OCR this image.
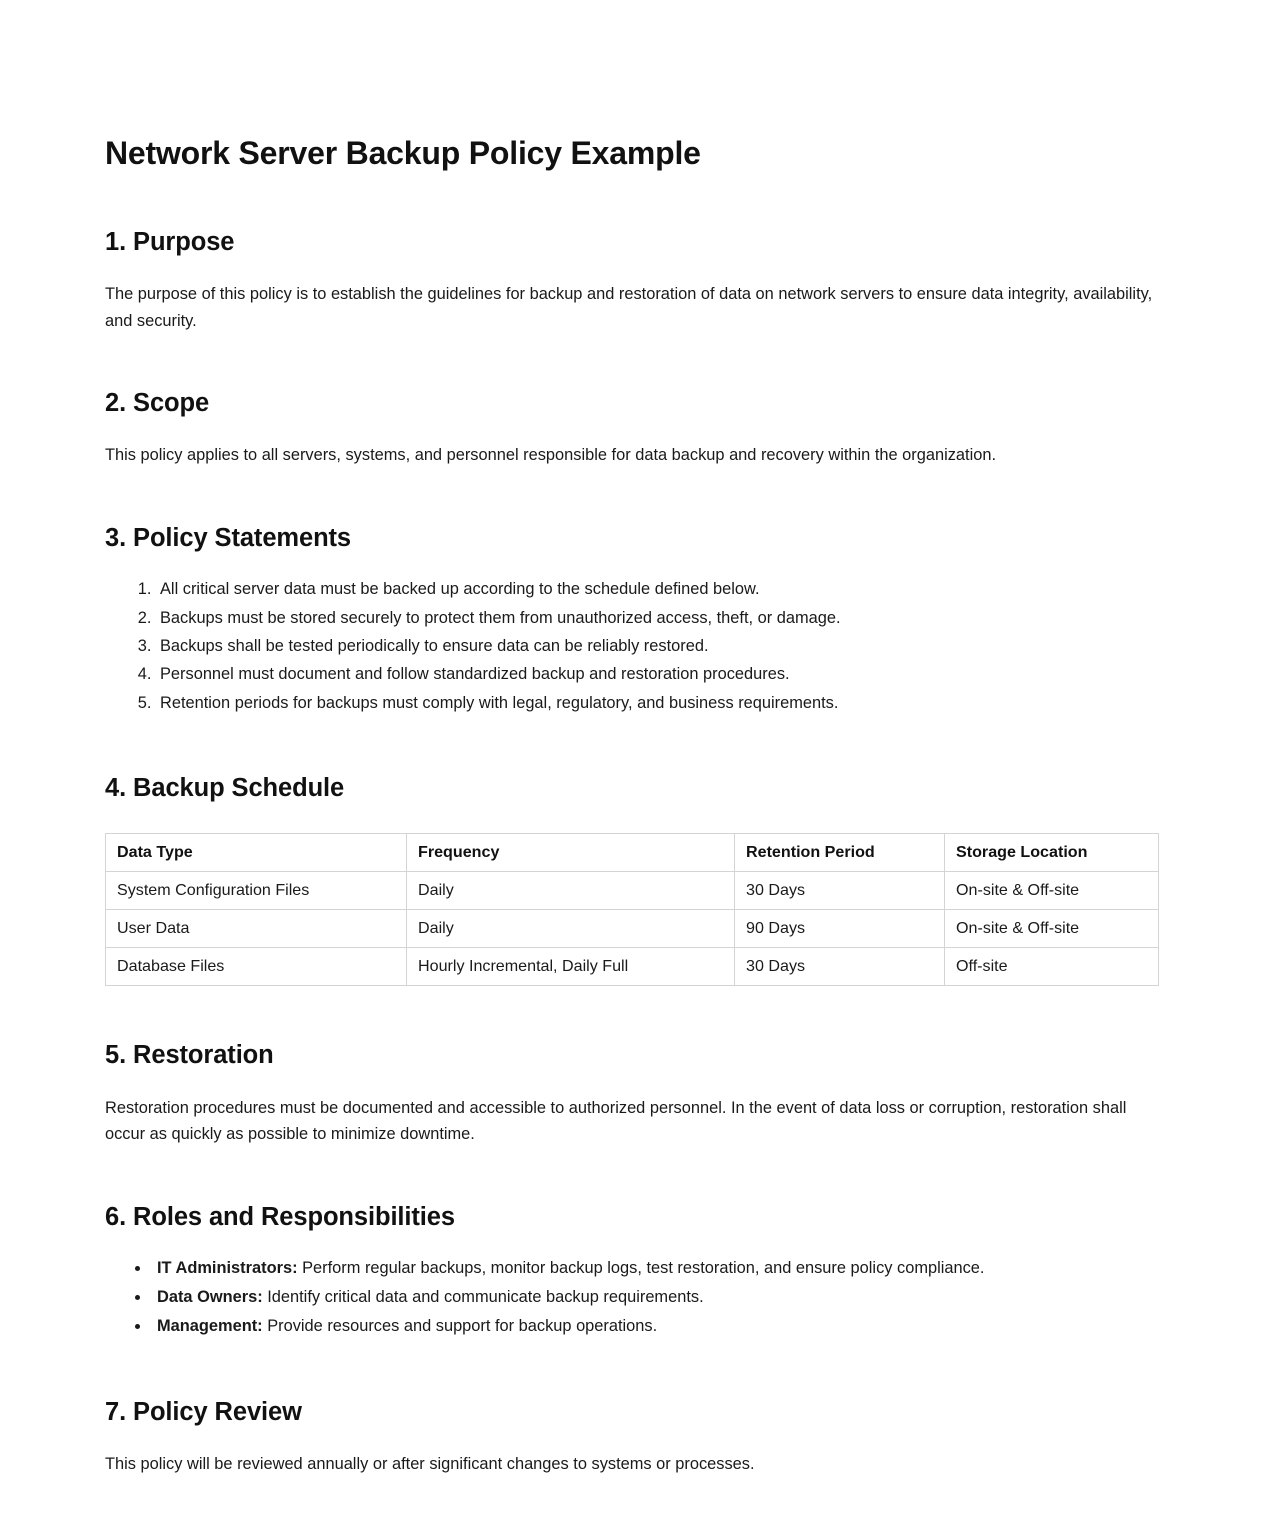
Network Server Backup Policy Example
1. Purpose

The purpose of this policy is to establish the guidelines for backup and restoration of data on network servers to ensure data integrity, availability, and security.

2. Scope

This policy applies to all servers, systems, and personnel responsible for data backup and recovery within the organization.

3. Policy Statements
1. All critical server data must be backed up according to the schedule defined below.
2. Backups must be stored securely to protect them from unauthorized access, theft, or damage.
3. Backups shall be tested periodically to ensure data can be reliably restored.
4. Personnel must document and follow standardized backup and restoration procedures.
5. Retention periods for backups must comply with legal, regulatory, and business requirements.
4. Backup Schedule
Data Type	Frequency	Retention Period	Storage Location
System Configuration Files	Daily	30 Days	On-site & Off-site
User Data	Daily	90 Days	On-site & Off-site
Database Files	Hourly Incremental, Daily Full	30 Days	Off-site
5. Restoration

Restoration procedures must be documented and accessible to authorized personnel. In the event of data loss or corruption, restoration shall occur as quickly as possible to minimize downtime.

6. Roles and Responsibilities
• IT Administrators: Perform regular backups, monitor backup logs, test restoration, and ensure policy compliance.
• Data Owners: Identify critical data and communicate backup requirements.
• Management: Provide resources and support for backup operations.
7. Policy Review

This policy will be reviewed annually or after significant changes to systems or processes.
